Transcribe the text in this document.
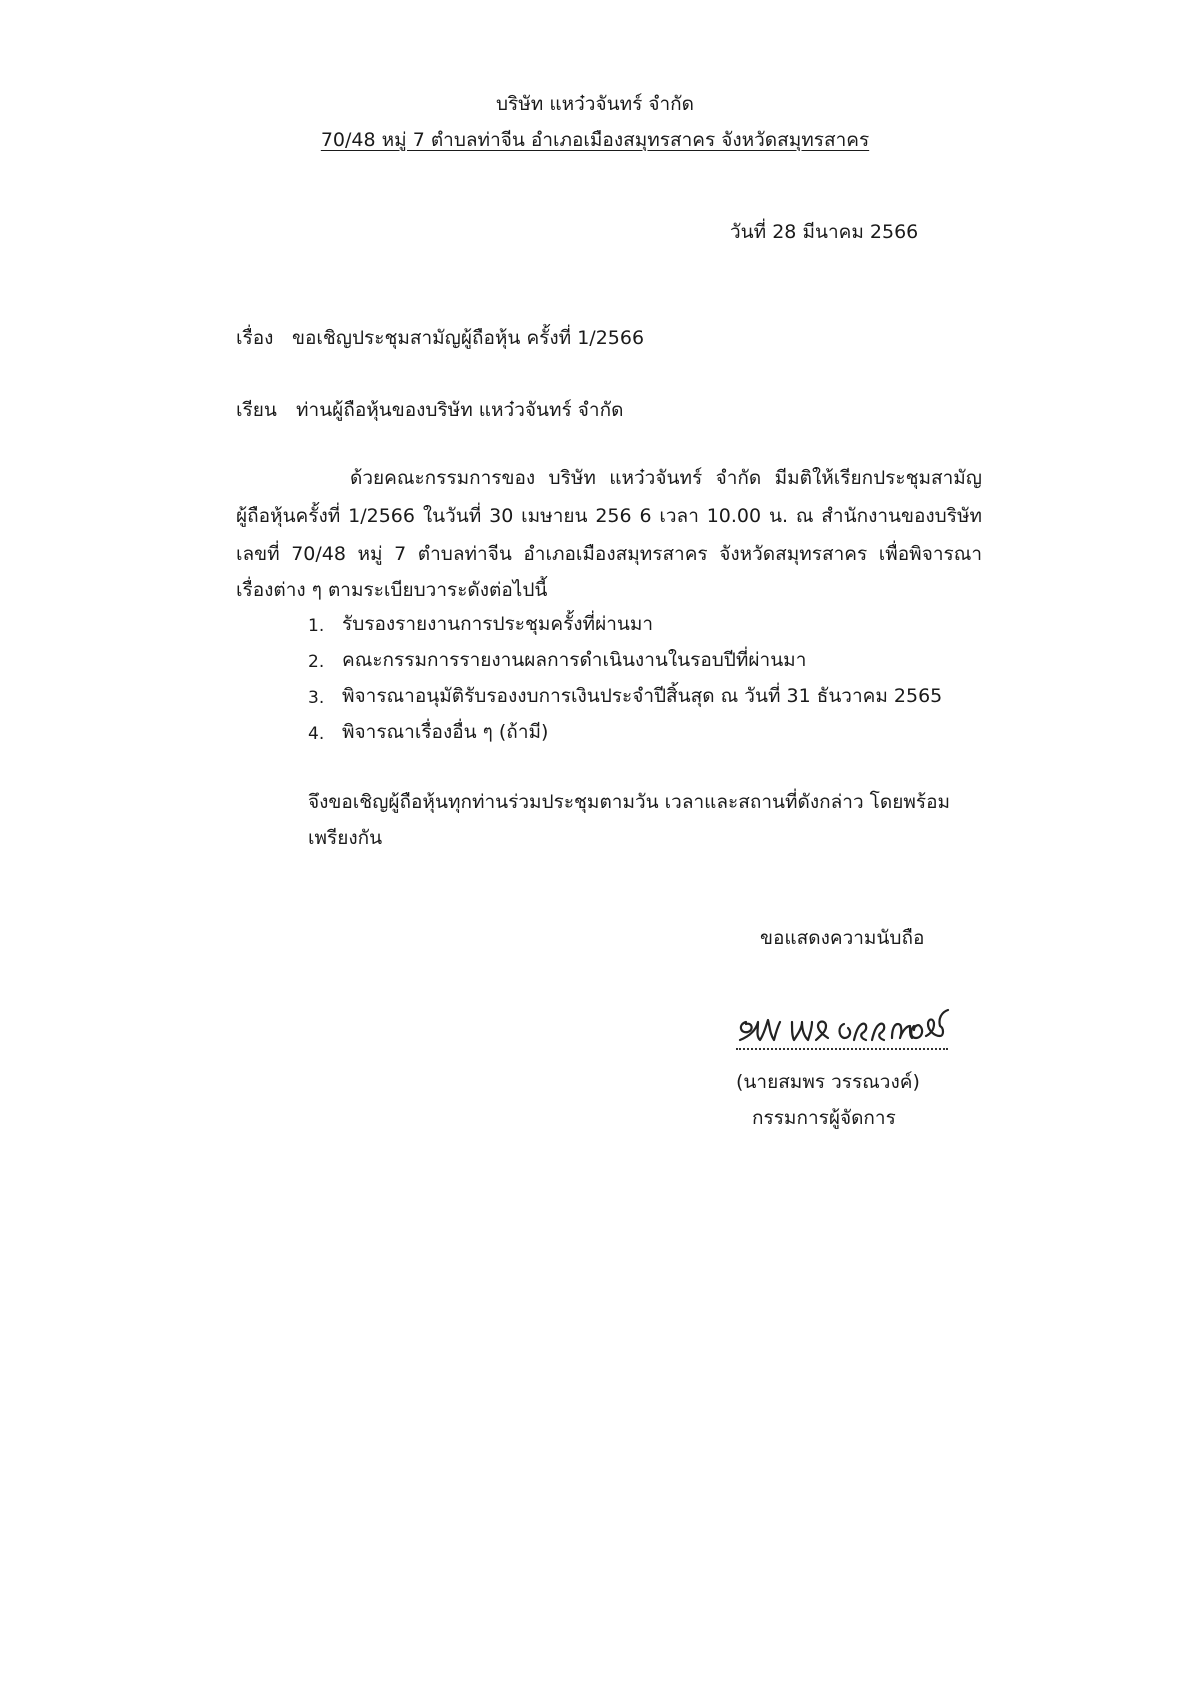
บริษัท แหว๋วจันทร์ จำกัด
70/48 หมู่ 7 ตำบลท่าจีน อำเภอเมืองสมุทรสาคร จังหวัดสมุทรสาคร
วันที่ 28 มีนาคม 2566
เรื่อง ขอเชิญประชุมสามัญผู้ถือหุ้น ครั้งที่ 1/2566
เรียน ท่านผู้ถือหุ้นของบริษัท แหว๋วจันทร์ จำกัด
ด้วยคณะกรรมการของ บริษัท แหว๋วจันทร์ จำกัด มีมติให้เรียกประชุมสามัญ
ผู้ถือหุ้นครั้งที่ 1/2566 ในวันที่ 30 เมษายน 256 6 เวลา 10.00 น. ณ สำนักงานของบริษัท
เลขที่ 70/48 หมู่ 7 ตำบลท่าจีน อำเภอเมืองสมุทรสาคร จังหวัดสมุทรสาคร เพื่อพิจารณา
เรื่องต่าง ๆ ตามระเบียบวาระดังต่อไปนี้
1. รับรองรายงานการประชุมครั้งที่ผ่านมา
2. คณะกรรมการรายงานผลการดำเนินงานในรอบปีที่ผ่านมา
3. พิจารณาอนุมัติรับรองงบการเงินประจำปีสิ้นสุด ณ วันที่ 31 ธันวาคม 2565
4. พิจารณาเรื่องอื่น ๆ (ถ้ามี)
จึงขอเชิญผู้ถือหุ้นทุกท่านร่วมประชุมตามวัน เวลาและสถานที่ดังกล่าว โดยพร้อม
เพรียงกัน
ขอแสดงความนับถือ
(นายสมพร วรรณวงค์)
กรรมการผู้จัดการ
